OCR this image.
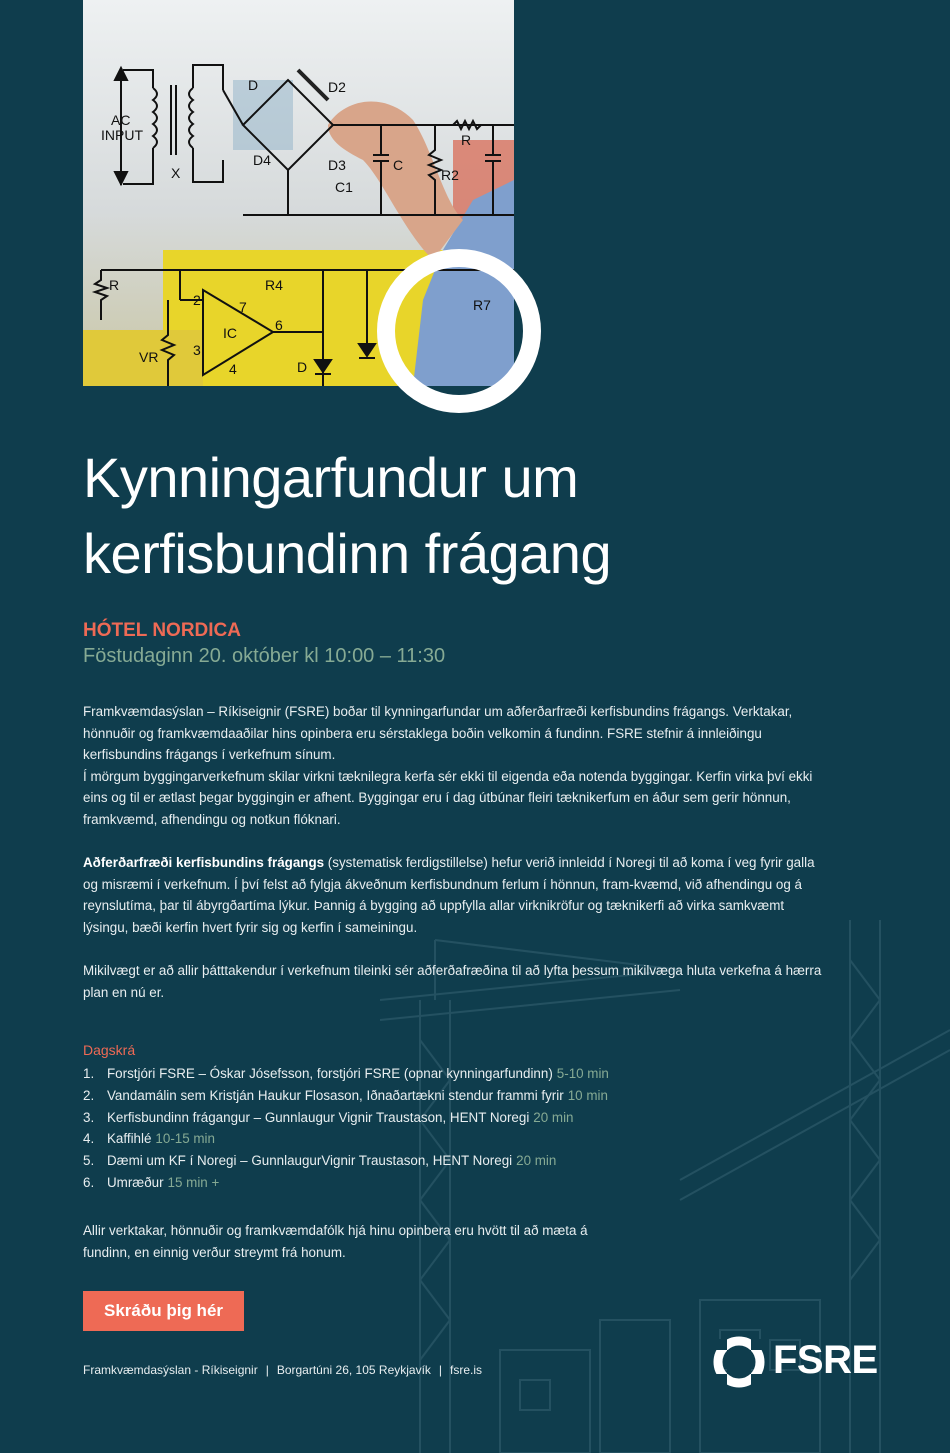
AC
INPUT
X
D	D2
D3
D4
R
C
C1
R2
R	R4
R7
IC
VR
2
3
4
6
7
D
Kynningarfundur um
kerfisbundinn frágang
HÓTEL NORDICA
Föstudaginn 20. október kl 10:00 – 11:30

Framkvæmdasýslan – Ríkiseignir (FSRE) boðar til kynningarfundar um aðferðarfræði kerfisbundins frágangs. Verktakar, hönnuðir og framkvæmdaaðilar hins opinbera eru sérstaklega boðin velkomin á fundinn. FSRE stefnir á innleiðingu kerfisbundins frágangs í verkefnum sínum.

Í mörgum byggingarverkefnum skilar virkni tæknilegra kerfa sér ekki til eigenda eða notenda byggingar. Kerfin virka því ekki eins og til er ætlast þegar byggingin er afhent. Byggingar eru í dag útbúnar fleiri tæknikerfum en áður sem gerir hönnun, framkvæmd, afhendingu og notkun flóknari.

Aðferðarfræði kerfisbundins frágangs (systematisk ferdigstillelse) hefur verið innleidd í Noregi til að koma í veg fyrir galla og misræmi í verkefnum. Í því felst að fylgja ákveðnum kerfisbundnum ferlum í hönnun, fram-kvæmd, við afhendingu og á reynslutíma, þar til ábyrgðartíma lýkur. Þannig á bygging að uppfylla allar virknikröfur og tæknikerfi að virka samkvæmt lýsingu, bæði kerfin hvert fyrir sig og kerfin í sameiningu.

Mikilvægt er að allir þátttakendur í verkefnum tileinki sér aðferðafræðina til að lyfta þessum mikilvæga hluta verkefna á hærra plan en nú er.

Dagskrá
1. Forstjóri FSRE – Óskar Jósefsson, forstjóri FSRE (opnar kynningarfundinn) 5-10 min
2. Vandamálin sem Kristján Haukur Flosason, Iðnaðartækni stendur frammi fyrir 10 min
3. Kerfisbundinn frágangur – Gunnlaugur Vignir Traustason, HENT Noregi 20 min
4. Kaffihlé 10-15 min
5. Dæmi um KF í Noregi – GunnlaugurVignir Traustason, HENT Noregi 20 min
6. Umræður 15 min +
Allir verktakar, hönnuðir og framkvæmdafólk hjá hinu opinbera eru hvött til að mæta á fundinn, en einnig verður streymt frá honum.
Skráðu þig hér
Framkvæmdasýslan - Ríkiseignir | Borgartúni 26, 105 Reykjavík | fsre.is	FSRE
